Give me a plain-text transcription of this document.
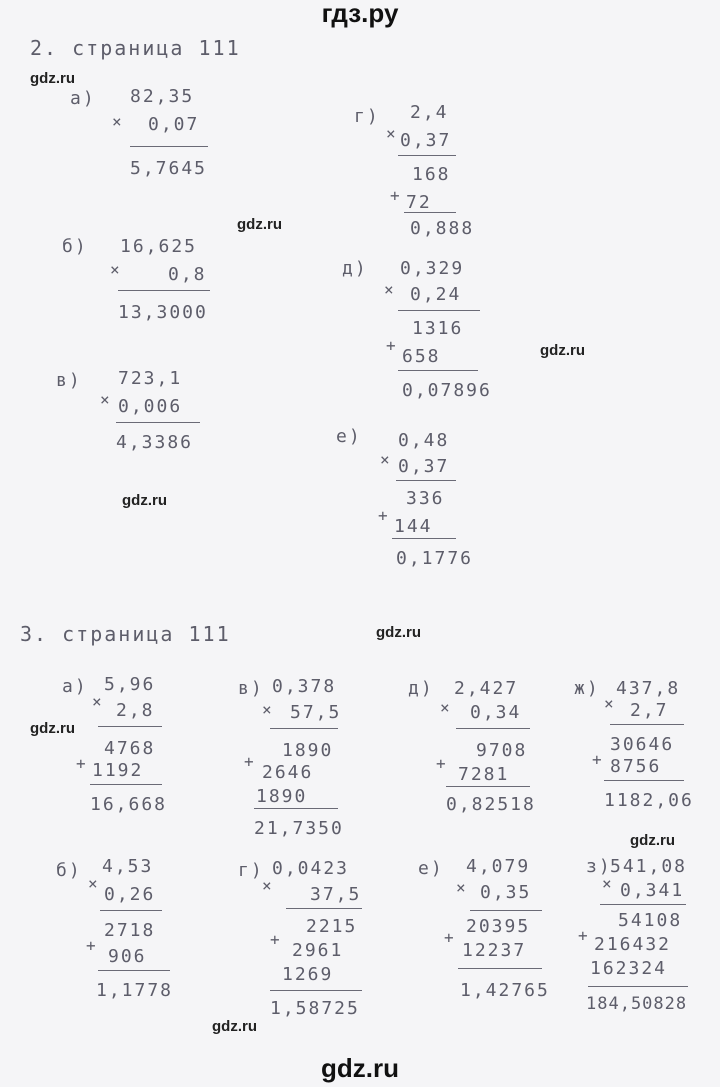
гдз.ру
gdz.ru
gdz.ru
gdz.ru
gdz.ru
gdz.ru
gdz.ru
gdz.ru
gdz.ru
2. страница 111
а) 82,35
× 0,07
5,7645
б) 16,625
×	0,8
13,3000
в) 723,1
× 0,006
4,3386
г) 2,4
× 0,37
168
+ 72
0,888
д) 0,329
× 0,24
1316
+
658
0,07896
е) 0,48
× 0,37
336
+
144
0,1776
3. страница 111
а) 5,96
× 2,8
4768
+ 1192
16,668
в) 0,378
× 57,5
1890
+
2646
1890
21,7350
д) 2,427
× 0,34
9708
+
7281
0,82518
ж) 437,8
× 2,7
30646
+ 8756
1182,06
б) 4,53
×
0,26
2718
+
906
1,1778
г) 0,0423
× 37,5
2215
+
2961
1269
1,58725
е) 4,079
× 0,35
20395
+
12237
1,42765
з)
541,08
× 0,341
54108
+ 216432
162324
184,50828
gdz.ru
